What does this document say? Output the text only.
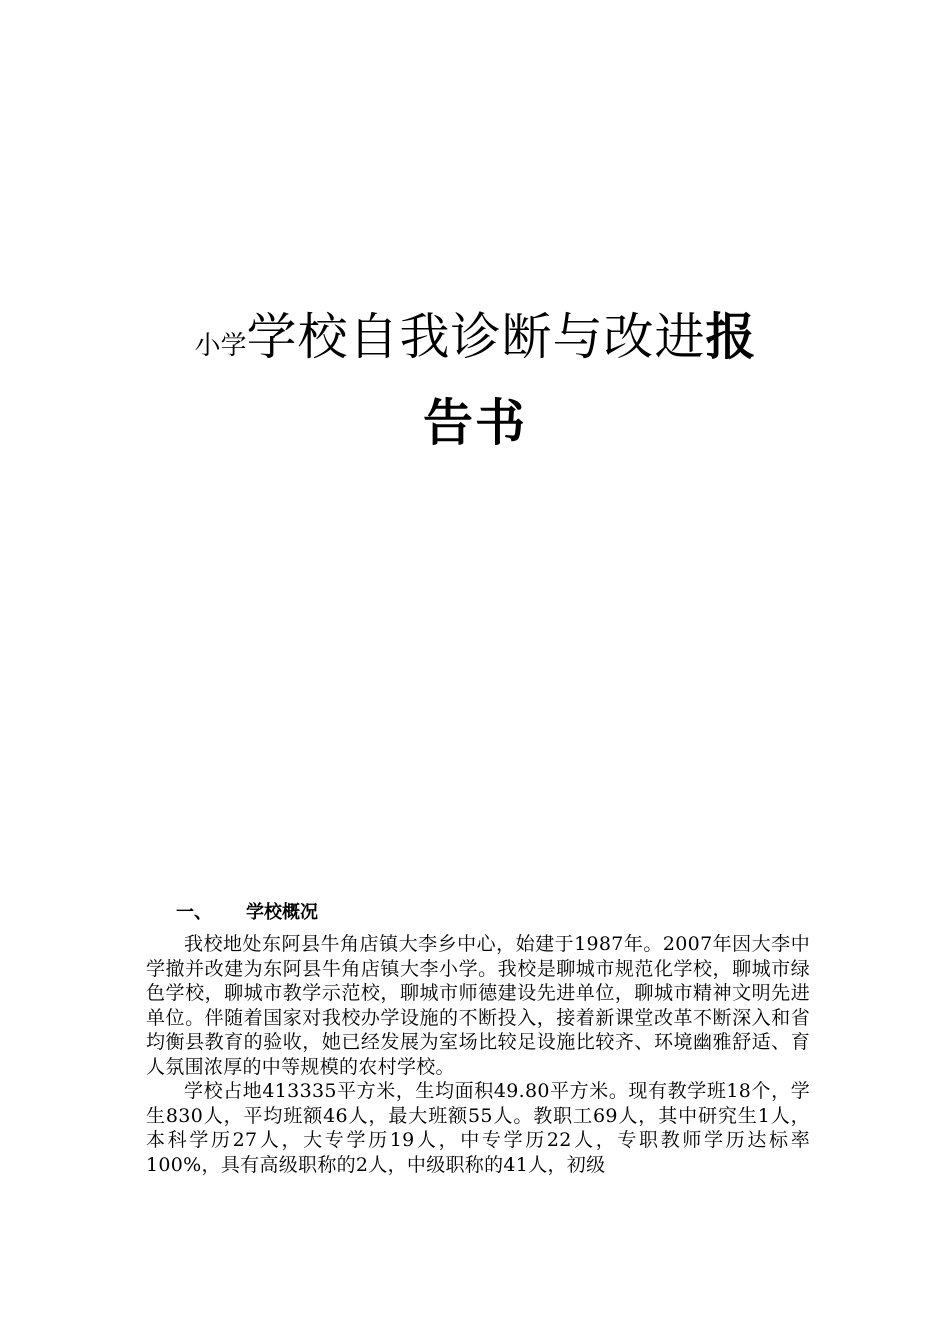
小学学校自我诊断与改进报
告书
一、 学校概况

我校地处东阿县牛角店镇大李乡中心，始建于1987年。2007年因大李中学撤并改建为东阿县牛角店镇大李小学。我校是聊城市规范化学校，聊城市绿色学校，聊城市教学示范校，聊城市师德建设先进单位，聊城市精神文明先进单位。伴随着国家对我校办学设施的不断投入，接着新课堂改革不断深入和省均衡县教育的验收，她已经发展为室场比较足设施比较齐、环境幽雅舒适、育人氛围浓厚的中等规模的农村学校。

学校占地413335平方米，生均面积49.80平方米。现有教学班18个，学生830人，平均班额46人，最大班额55人。教职工69人，其中研究生1人，本科学历27人，大专学历19人，中专学历22人，专职教师学历达标率100%，具有高级职称的2人，中级职称的41人，初级
